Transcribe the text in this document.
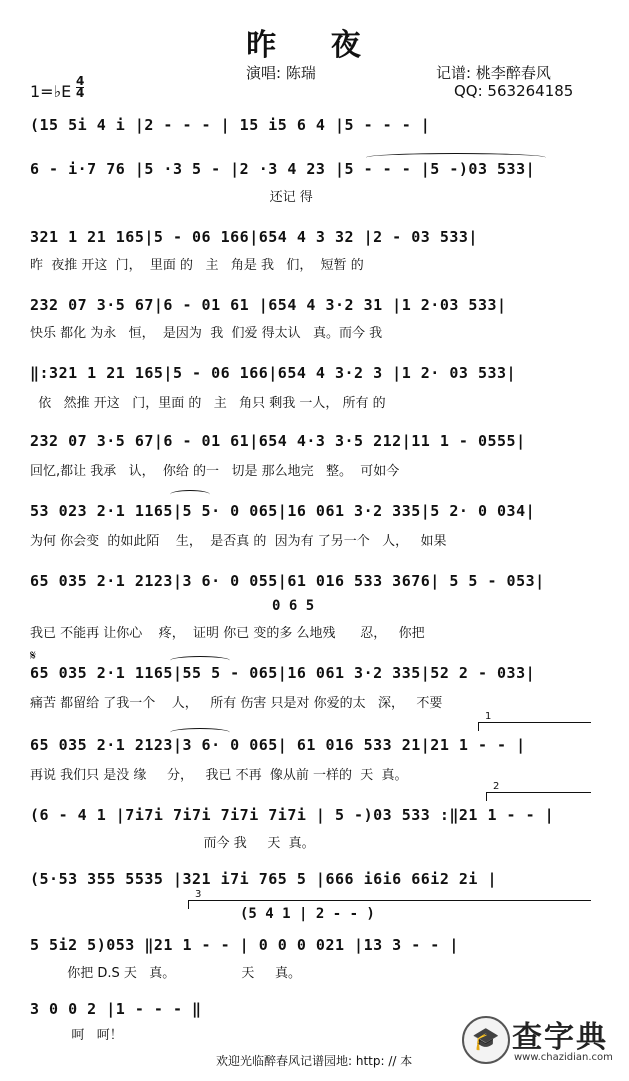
昨 夜
演唱: 陈瑞	记谱: 桃李醉春风
QQ: 563264185
1=♭E
4
4

(15 5i 4 i |2 - - - | 15 i5 6 4 |5 - - - |

6 - i·7 76 |5 ·3 5 - |2 ·3 4 23 |5 - - - |5 -)03 533|

还记 得

321 1 21 165|5 - 06 166|654 4 3 32 |2 - 03 533|

昨  夜推 开这  门，  里面 的   主   角是 我   们，  短暂 的

232 07 3·5 67|6 - 01 61 |654 4 3·2 31 |1 2·03 533|

快乐 都化 为永   恒，  是因为  我  们爱 得太认   真。而今 我

‖:321 1 21 165|5 - 06 166|654 4 3·2 3 |1 2· 03 533|

依   然推 开这   门，里面 的   主   角只 剩我 一人， 所有 的

232 07 3·5 67|6 - 01 61|654 4·3 3·5 212|11 1 - 0555|

回忆,都让 我承   认，  你给 的一   切是 那么地完   整。  可如今

53 023 2·1 1165|5 5· 0 065|16 061 3·2 335|5 2· 0 034|

为何 你会变  的如此陌    生，  是否真 的  因为有 了另一个   人，   如果

65 035 2·1 2123|3 6· 0 055|61 016 533 3676| 5 5 - 053|

0 6 5
我已 不能再 让你心    疼，  证明 你已 变的多 么地残      忍，   你把
𝄋

65 035 2·1 1165|55 5 - 065|16 061 3·2 335|52 2 - 033|

痛苦 都留给 了我一个    人，   所有 伤害 只是对 你爱的太   深，   不要
1

65 035 2·1 2123|3 6· 0 065| 61 016 533 21|21 1 - - |

再说 我们只 是没 缘     分，   我已 不再  像从前 一样的  天  真。
2

(6 - 4 1 |7i7i 7i7i 7i7i 7i7i | 5 -)03 533 :‖21 1 - - |

而今 我     天  真。

(5·53 355 5535 |321 i7i 765 5 |666 i6i6 66i2 2i |

3
(5 4 1 | 2 - - )

5 5i2 5)053 ‖21 1 - - | 0 0 0 021 |13 3 - - |

你把 D.S 天   真。                天     真。

3 0 0 2 |1 - - - ‖

呵   呵！	🎓 查字典
www.chazidian.com
欢迎光临醉春风记谱园地: http: // 本
